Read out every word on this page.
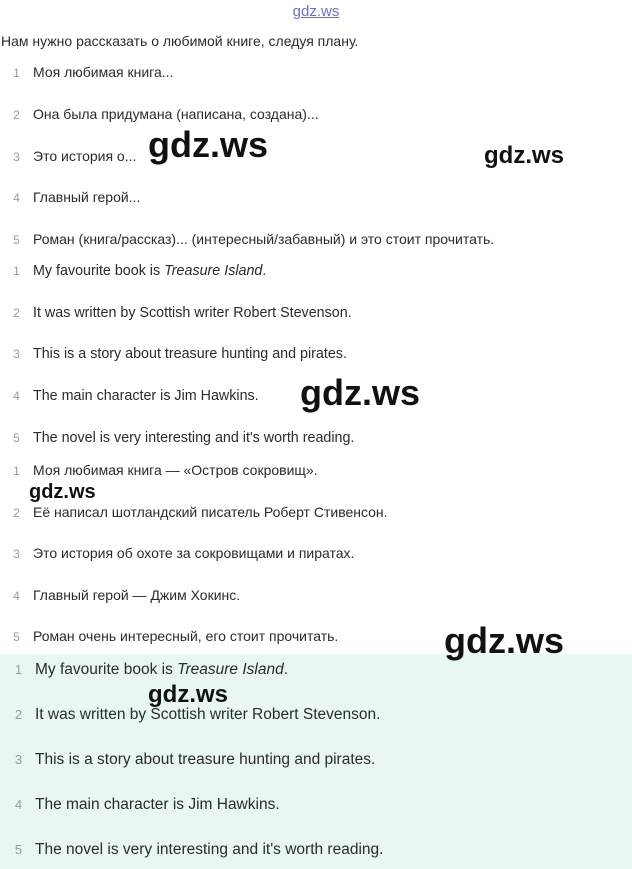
gdz.ws
Нам нужно рассказать о любимой книге, следуя плану.
1 Моя любимая книга...
2 Она была придумана (написана, создана)...
3 Это история о...
4 Главный герой...
5 Роман (книга/рассказ)... (интересный/забавный) и это стоит прочитать.
1 My favourite book is Treasure Island.
2 It was written by Scottish writer Robert Stevenson.
3 This is a story about treasure hunting and pirates.
4 The main character is Jim Hawkins.
5 The novel is very interesting and it's worth reading.
1 Моя любимая книга — «Остров сокровищ».
2 Её написал шотландский писатель Роберт Стивенсон.
3 Это история об охоте за сокровищами и пиратах.
4 Главный герой — Джим Хокинс.
5 Роман очень интересный, его стоит прочитать.
1 My favourite book is Treasure Island.
2 It was written by Scottish writer Robert Stevenson.
3 This is a story about treasure hunting and pirates.
4 The main character is Jim Hawkins.
5 The novel is very interesting and it's worth reading.
gdz.ws	gdz.ws
gdz.ws
gdz.ws
gdz.ws
gdz.ws
